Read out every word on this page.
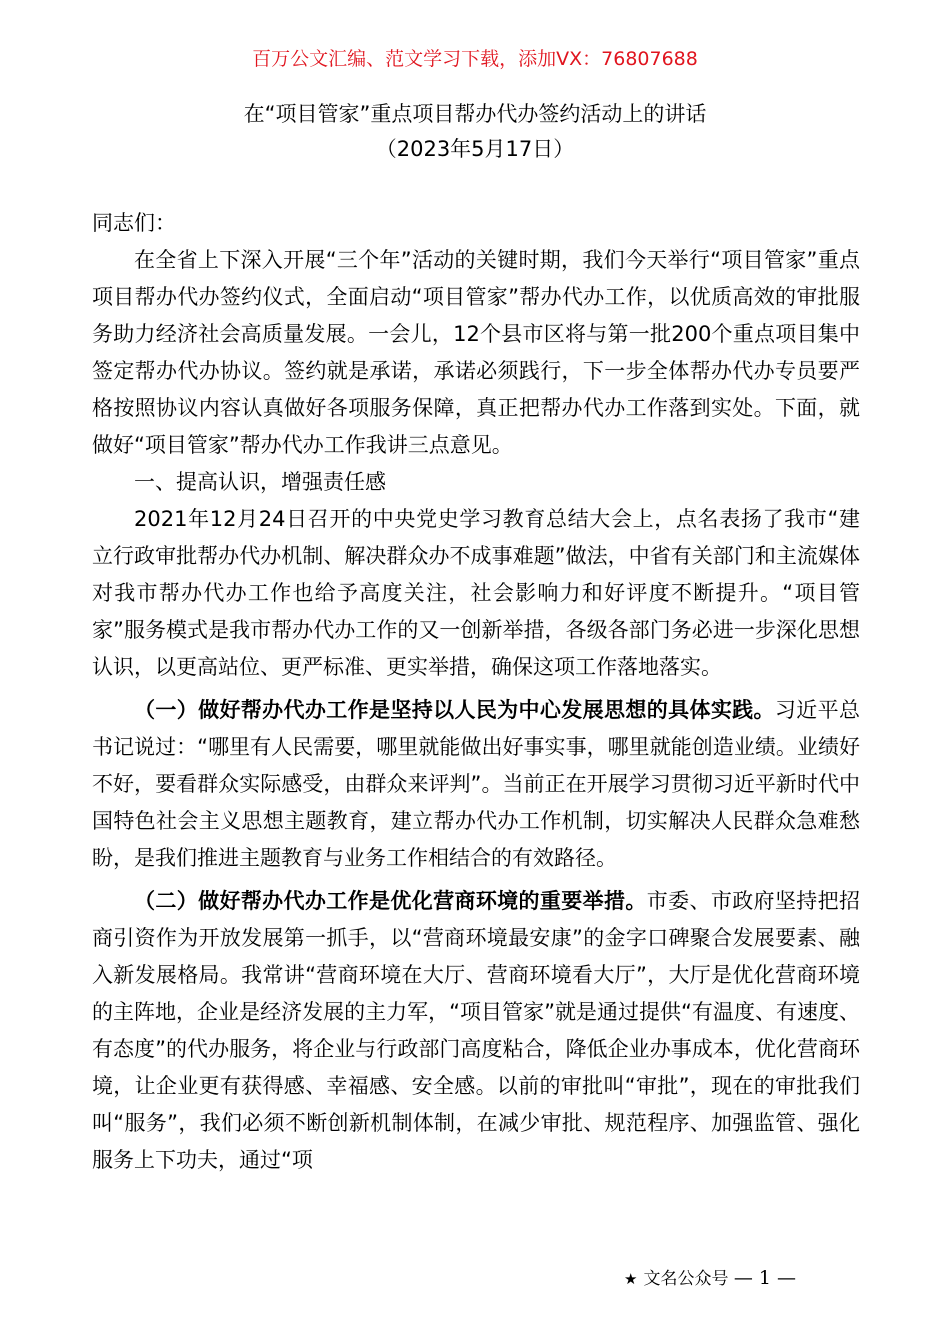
百万公文汇编、范文学习下载，添加VX：76807688
在“项目管家”重点项目帮办代办签约活动上的讲话
（2023年5月17日）

同志们：

在全省上下深入开展“三个年”活动的关键时期，我们今天举行“项目管家”重点项目帮办代办签约仪式，全面启动“项目管家”帮办代办工作，以优质高效的审批服务助力经济社会高质量发展。一会儿，12个县市区将与第一批200个重点项目集中签定帮办代办协议。签约就是承诺，承诺必须践行，下一步全体帮办代办专员要严格按照协议内容认真做好各项服务保障，真正把帮办代办工作落到实处。下面，就做好“项目管家”帮办代办工作我讲三点意见。

一、提高认识，增强责任感

2021年12月24日召开的中央党史学习教育总结大会上，点名表扬了我市“建立行政审批帮办代办机制、解决群众办不成事难题”做法，中省有关部门和主流媒体对我市帮办代办工作也给予高度关注，社会影响力和好评度不断提升。“项目管家”服务模式是我市帮办代办工作的又一创新举措，各级各部门务必进一步深化思想认识，以更高站位、更严标准、更实举措，确保这项工作落地落实。

（一）做好帮办代办工作是坚持以人民为中心发展思想的具体实践。习近平总书记说过：“哪里有人民需要，哪里就能做出好事实事，哪里就能创造业绩。业绩好不好，要看群众实际感受，由群众来评判”。当前正在开展学习贯彻习近平新时代中国特色社会主义思想主题教育，建立帮办代办工作机制，切实解决人民群众急难愁盼，是我们推进主题教育与业务工作相结合的有效路径。

（二）做好帮办代办工作是优化营商环境的重要举措。市委、市政府坚持把招商引资作为开放发展第一抓手，以“营商环境最安康”的金字口碑聚合发展要素、融入新发展格局。我常讲“营商环境在大厅、营商环境看大厅”，大厅是优化营商环境的主阵地，企业是经济发展的主力军，“项目管家”就是通过提供“有温度、有速度、有态度”的代办服务，将企业与行政部门高度粘合，降低企业办事成本，优化营商环境，让企业更有获得感、幸福感、安全感。以前的审批叫“审批”，现在的审批我们叫“服务”，我们必须不断创新机制体制，在减少审批、规范程序、加强监管、强化服务上下功夫，通过“项

★ 文名公众号 — 1 —
